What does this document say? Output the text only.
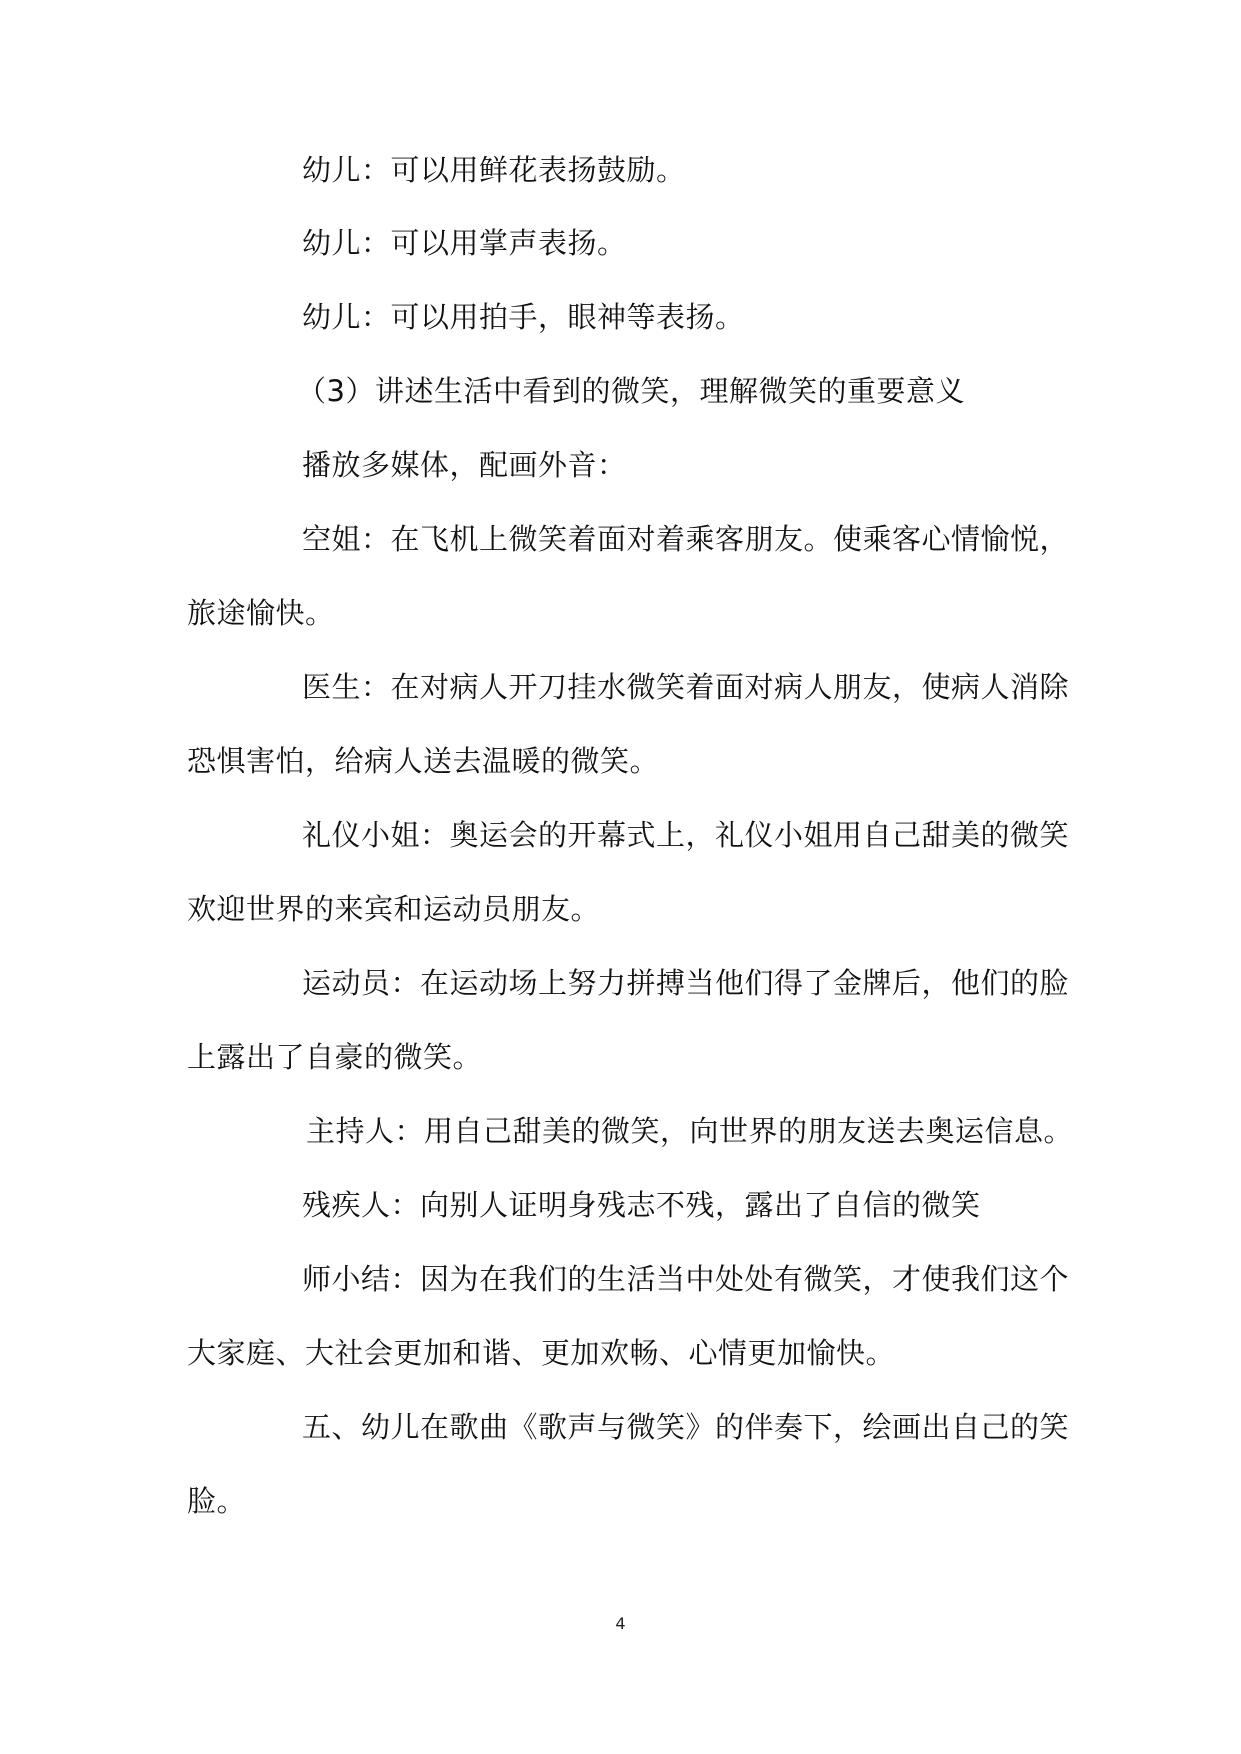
幼儿：可以用鲜花表扬鼓励。
幼儿：可以用掌声表扬。
幼儿：可以用拍手，眼神等表扬。
（3）讲述生活中看到的微笑，理解微笑的重要意义
播放多媒体，配画外音：
空姐：在飞机上微笑着面对着乘客朋友。使乘客心情愉悦，
旅途愉快。
医生：在对病人开刀挂水微笑着面对病人朋友，使病人消除
恐惧害怕，给病人送去温暖的微笑。
礼仪小姐：奥运会的开幕式上，礼仪小姐用自己甜美的微笑
欢迎世界的来宾和运动员朋友。
运动员：在运动场上努力拼搏当他们得了金牌后，他们的脸
上露出了自豪的微笑。
主持人：用自己甜美的微笑，向世界的朋友送去奥运信息。
残疾人：向别人证明身残志不残，露出了自信的微笑
师小结：因为在我们的生活当中处处有微笑，才使我们这个
大家庭、大社会更加和谐、更加欢畅、心情更加愉快。
五、幼儿在歌曲《歌声与微笑》的伴奏下，绘画出自己的笑
脸。
4
